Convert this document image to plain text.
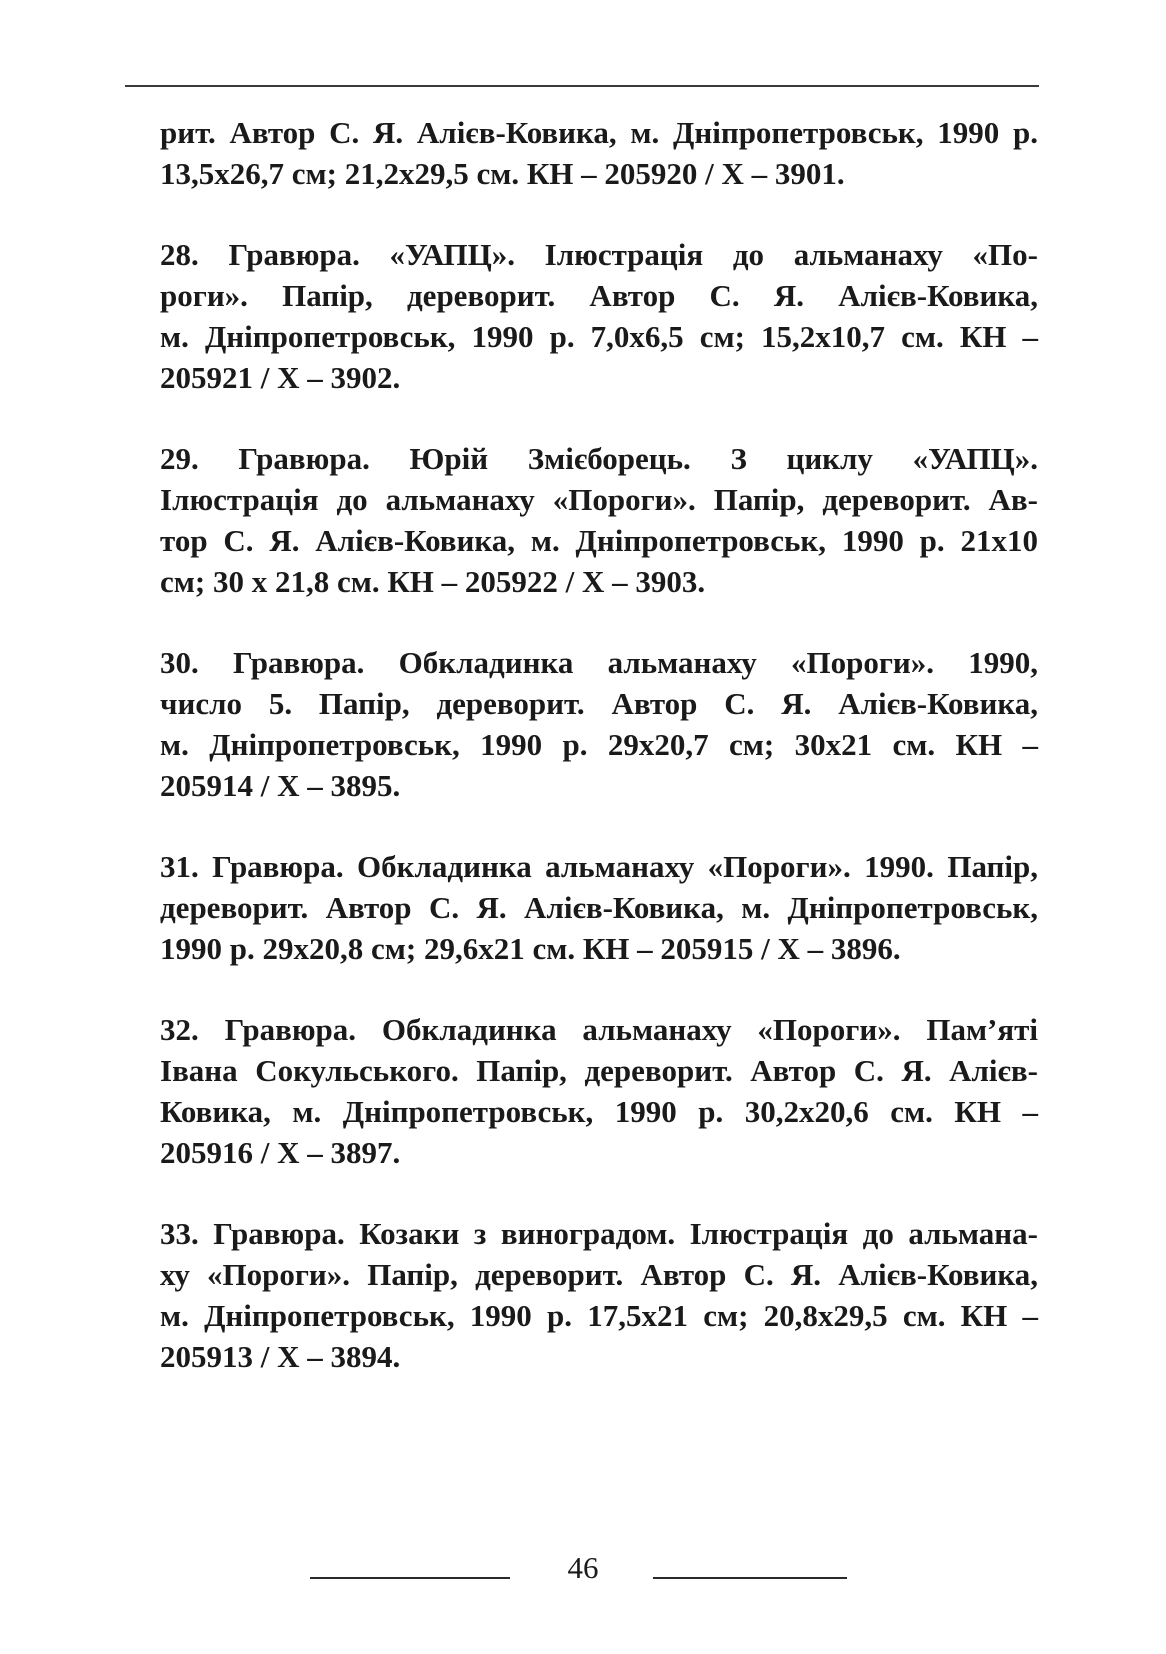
рит. Автор С. Я. Алієв-Ковика, м. Дніпропетровськ, 1990 р.
13,5х26,7 см; 21,2х29,5 см. КН – 205920 / Х – 3901.

28. Гравюра. «УАПЦ». Ілюстрація до альманаху «По-
роги». Папір, дереворит. Автор С. Я. Алієв-Ковика,
м. Дніпропетровськ, 1990 р. 7,0х6,5 см; 15,2х10,7 см. КН –
205921 / Х – 3902.

29. Гравюра. Юрій Змієборець. З циклу «УАПЦ».
Ілюстрація до альманаху «Пороги». Папір, дереворит. Ав-
тор С. Я. Алієв-Ковика, м. Дніпропетровськ, 1990 р. 21х10
см; 30 х 21,8 см. КН – 205922 / Х – 3903.

30. Гравюра. Обкладинка альманаху «Пороги». 1990,
число 5. Папір, дереворит. Автор С. Я. Алієв-Ковика,
м. Дніпропетровськ, 1990 р. 29х20,7 см; 30х21 см. КН –
205914 / Х – 3895.

31. Гравюра. Обкладинка альманаху «Пороги». 1990. Папір,
дереворит. Автор С. Я. Алієв-Ковика, м. Дніпропетровськ,
1990 р. 29х20,8 см; 29,6х21 см. КН – 205915 / Х – 3896.

32. Гравюра. Обкладинка альманаху «Пороги». Пам’яті
Івана Сокульського. Папір, дереворит. Автор С. Я. Алієв-
Ковика, м. Дніпропетровськ, 1990 р. 30,2х20,6 см. КН –
205916 / Х – 3897.

33. Гравюра. Козаки з виноградом. Ілюстрація до альмана-
ху «Пороги». Папір, дереворит. Автор С. Я. Алієв-Ковика,
м. Дніпропетровськ, 1990 р. 17,5х21 см; 20,8х29,5 см. КН –
205913 / Х – 3894.

46
